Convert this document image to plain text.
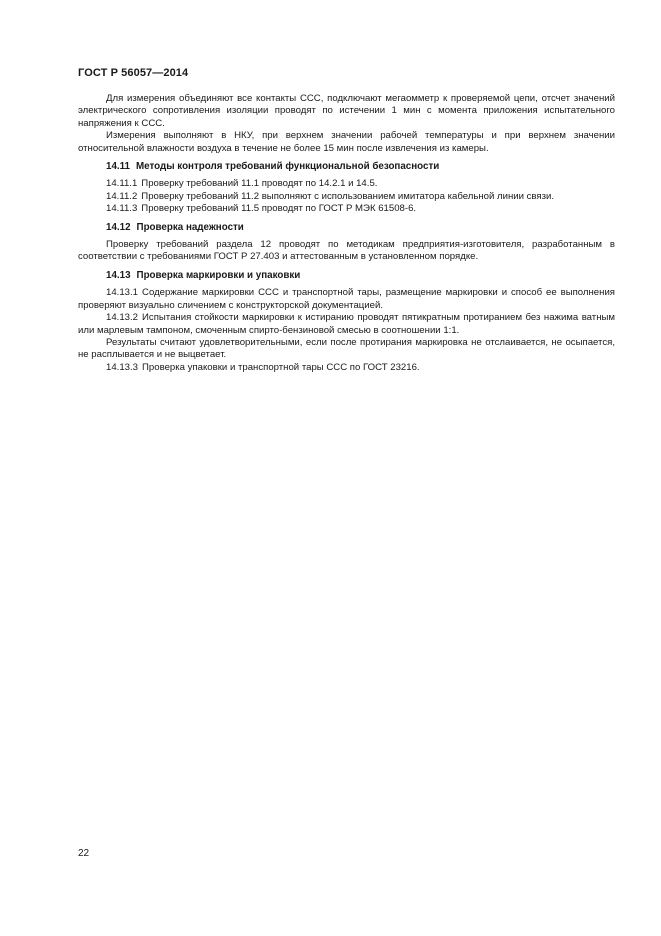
ГОСТ Р 56057—2014

Для измерения объединяют все контакты ССС, подключают мегаомметр к проверяемой цепи, отсчет значений электрического сопротивления изоляции проводят по истечении 1 мин с момента приложения испытательного напряжения к ССС.

Измерения выполняют в НКУ, при верхнем значении рабочей температуры и при верхнем значении относительной влажности воздуха в течение не более 15 мин после извлечения из камеры.

14.11 Методы контроля требований функциональной безопасности

14.11.1 Проверку требований 11.1 проводят по 14.2.1 и 14.5.

14.11.2 Проверку требований 11.2 выполняют с использованием имитатора кабельной линии связи.

14.11.3 Проверку требований 11.5 проводят по ГОСТ Р МЭК 61508-6.

14.12 Проверка надежности

Проверку требований раздела 12 проводят по методикам предприятия-изготовителя, разработанным в соответствии с требованиями ГОСТ Р 27.403 и аттестованным в установленном порядке.

14.13 Проверка маркировки и упаковки

14.13.1 Содержание маркировки ССС и транспортной тары, размещение маркировки и способ ее выполнения проверяют визуально сличением с конструкторской документацией.

14.13.2 Испытания стойкости маркировки к истиранию проводят пятикратным протиранием без нажима ватным или марлевым тампоном, смоченным спирто-бензиновой смесью в соотношении 1:1.

Результаты считают удовлетворительными, если после протирания маркировка не отслаивается, не осыпается, не расплывается и не выцветает.

14.13.3 Проверка упаковки и транспортной тары ССС по ГОСТ 23216.

22
